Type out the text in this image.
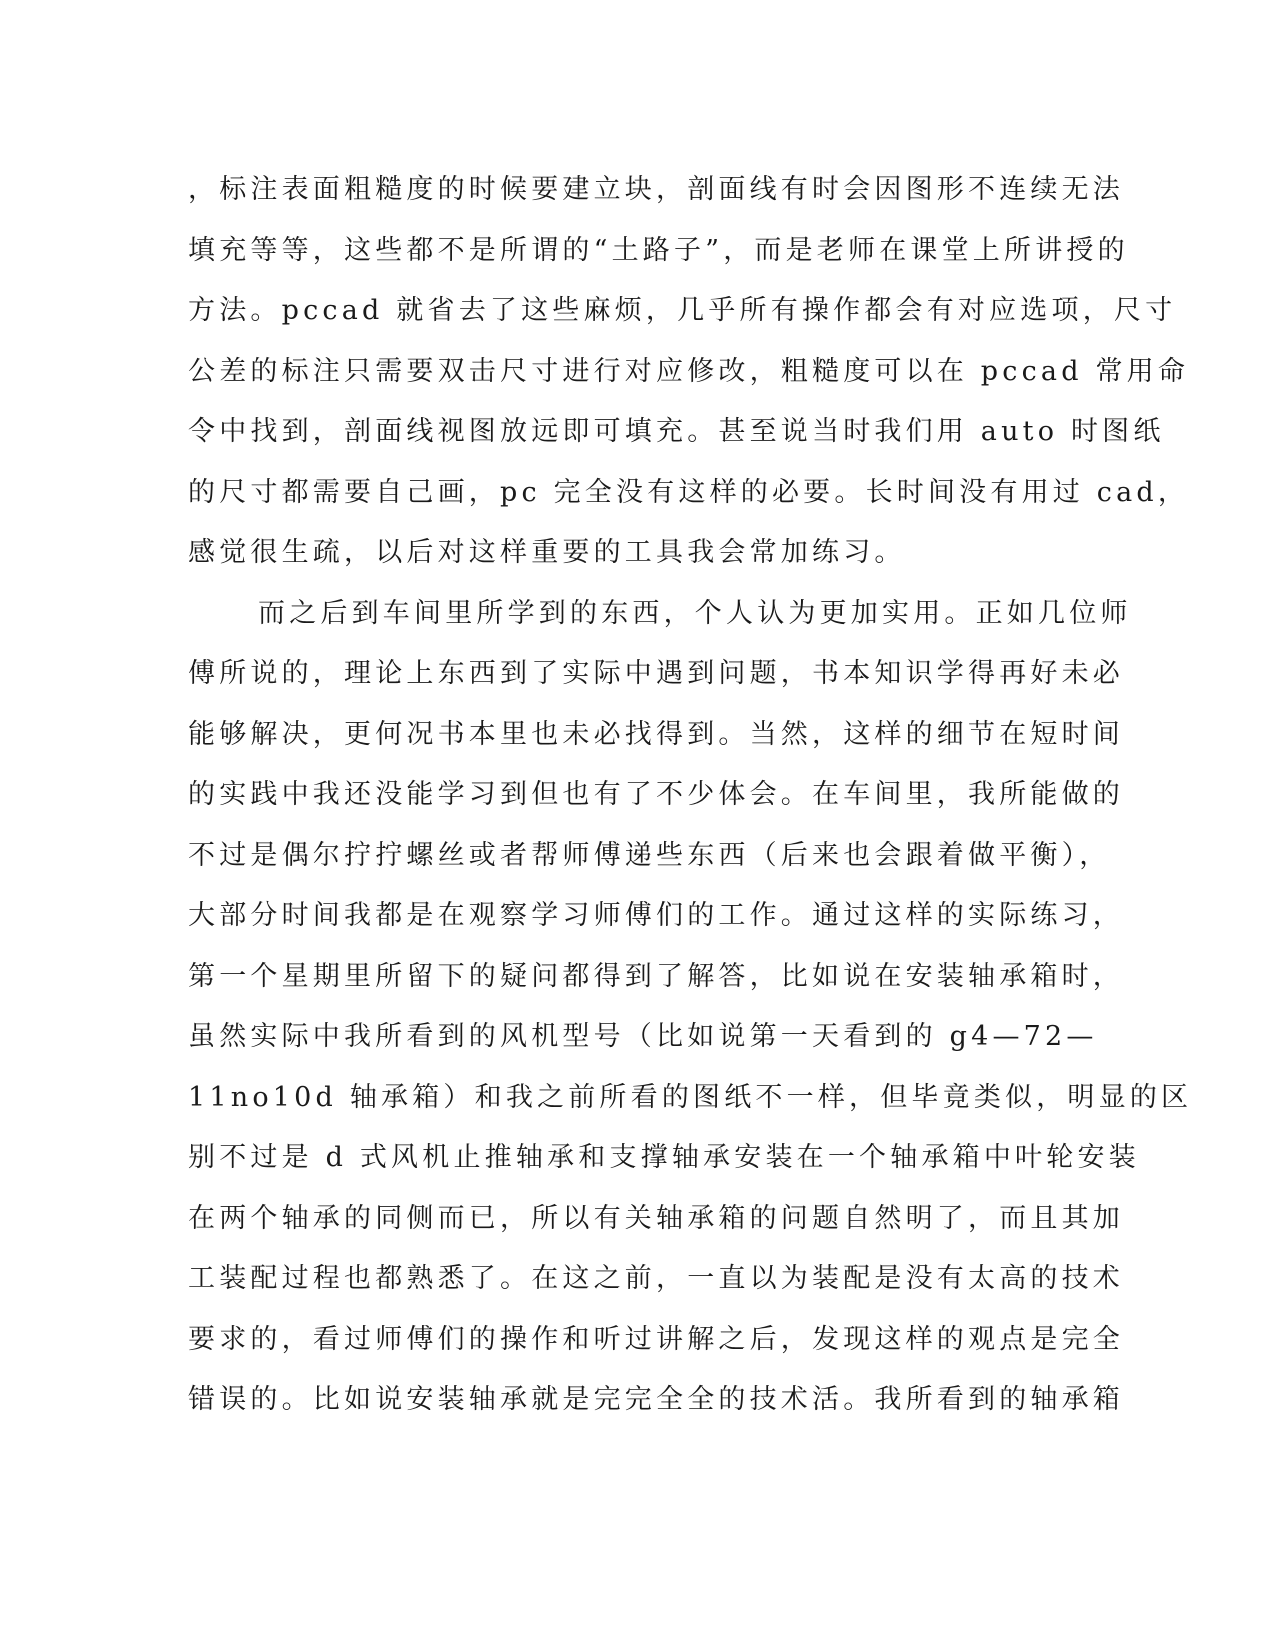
，标注表面粗糙度的时候要建立块，剖面线有时会因图形不连续无法
填充等等，这些都不是所谓的“土路子”，而是老师在课堂上所讲授的
方法。pccad 就省去了这些麻烦，几乎所有操作都会有对应选项，尺寸
公差的标注只需要双击尺寸进行对应修改，粗糙度可以在 pccad 常用命
令中找到，剖面线视图放远即可填充。甚至说当时我们用 auto 时图纸
的尺寸都需要自己画，pc 完全没有这样的必要。长时间没有用过 cad，
感觉很生疏，以后对这样重要的工具我会常加练习。
而之后到车间里所学到的东西，个人认为更加实用。正如几位师
傅所说的，理论上东西到了实际中遇到问题，书本知识学得再好未必
能够解决，更何况书本里也未必找得到。当然，这样的细节在短时间
的实践中我还没能学习到但也有了不少体会。在车间里，我所能做的
不过是偶尔拧拧螺丝或者帮师傅递些东西（后来也会跟着做平衡），
大部分时间我都是在观察学习师傅们的工作。通过这样的实际练习，
第一个星期里所留下的疑问都得到了解答，比如说在安装轴承箱时，
虽然实际中我所看到的风机型号（比如说第一天看到的 g4—72—
11no10d 轴承箱）和我之前所看的图纸不一样，但毕竟类似，明显的区
别不过是 d 式风机止推轴承和支撑轴承安装在一个轴承箱中叶轮安装
在两个轴承的同侧而已，所以有关轴承箱的问题自然明了，而且其加
工装配过程也都熟悉了。在这之前，一直以为装配是没有太高的技术
要求的，看过师傅们的操作和听过讲解之后，发现这样的观点是完全
错误的。比如说安装轴承就是完完全全的技术活。我所看到的轴承箱
